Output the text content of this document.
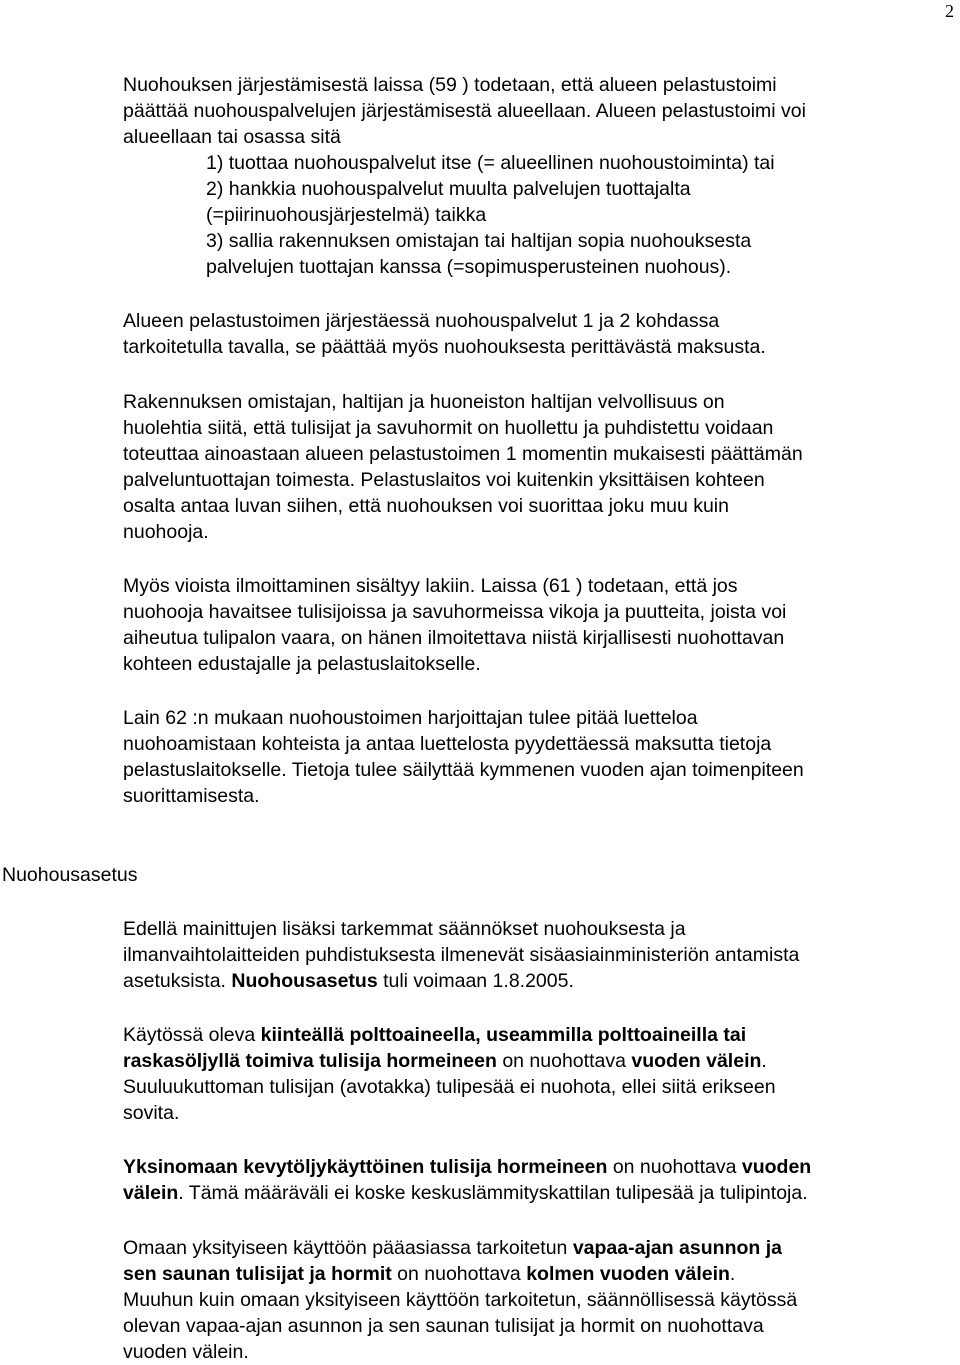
2
Nuohouksen järjestämisestä laissa (59 ) todetaan, että alueen pelastustoimi
päättää nuohouspalvelujen järjestämisestä alueellaan. Alueen pelastustoimi voi
alueellaan tai osassa sitä
1) tuottaa nuohouspalvelut itse (= alueellinen nuohoustoiminta) tai
2) hankkia nuohouspalvelut muulta palvelujen tuottajalta
(=piirinuohousjärjestelmä) taikka
3) sallia rakennuksen omistajan tai haltijan sopia nuohouksesta
palvelujen tuottajan kanssa (=sopimusperusteinen nuohous).
Alueen pelastustoimen järjestäessä nuohouspalvelut 1 ja 2 kohdassa
tarkoitetulla tavalla, se päättää myös nuohouksesta perittävästä maksusta.
Rakennuksen omistajan, haltijan ja huoneiston haltijan velvollisuus on
huolehtia siitä, että tulisijat ja savuhormit on huollettu ja puhdistettu voidaan
toteuttaa ainoastaan alueen pelastustoimen 1 momentin mukaisesti päättämän
palveluntuottajan toimesta. Pelastuslaitos voi kuitenkin yksittäisen kohteen
osalta antaa luvan siihen, että nuohouksen voi suorittaa joku muu kuin
nuohooja.
Myös vioista ilmoittaminen sisältyy lakiin. Laissa (61 ) todetaan, että jos
nuohooja havaitsee tulisijoissa ja savuhormeissa vikoja ja puutteita, joista voi
aiheutua tulipalon vaara, on hänen ilmoitettava niistä kirjallisesti nuohottavan
kohteen edustajalle ja pelastuslaitokselle.
Lain 62 :n mukaan nuohoustoimen harjoittajan tulee pitää luetteloa
nuohoamistaan kohteista ja antaa luettelosta pyydettäessä maksutta tietoja
pelastuslaitokselle. Tietoja tulee säilyttää kymmenen vuoden ajan toimenpiteen
suorittamisesta.
Nuohousasetus
Edellä mainittujen lisäksi tarkemmat säännökset nuohouksesta ja
ilmanvaihtolaitteiden puhdistuksesta ilmenevät sisäasiainministeriön antamista
asetuksista. Nuohousasetus tuli voimaan 1.8.2005.
Käytössä oleva kiinteällä polttoaineella, useammilla polttoaineilla tai
raskasöljyllä toimiva tulisija hormeineen on nuohottava vuoden välein.
Suuluukuttoman tulisijan (avotakka) tulipesää ei nuohota, ellei siitä erikseen
sovita.
Yksinomaan kevytöljykäyttöinen tulisija hormeineen on nuohottava vuoden
välein. Tämä määräväli ei koske keskuslämmityskattilan tulipesää ja tulipintoja.
Omaan yksityiseen käyttöön pääasiassa tarkoitetun vapaa-ajan asunnon ja
sen saunan tulisijat ja hormit on nuohottava kolmen vuoden välein.
Muuhun kuin omaan yksityiseen käyttöön tarkoitetun, säännöllisessä käytössä
olevan vapaa-ajan asunnon ja sen saunan tulisijat ja hormit on nuohottava
vuoden välein.
